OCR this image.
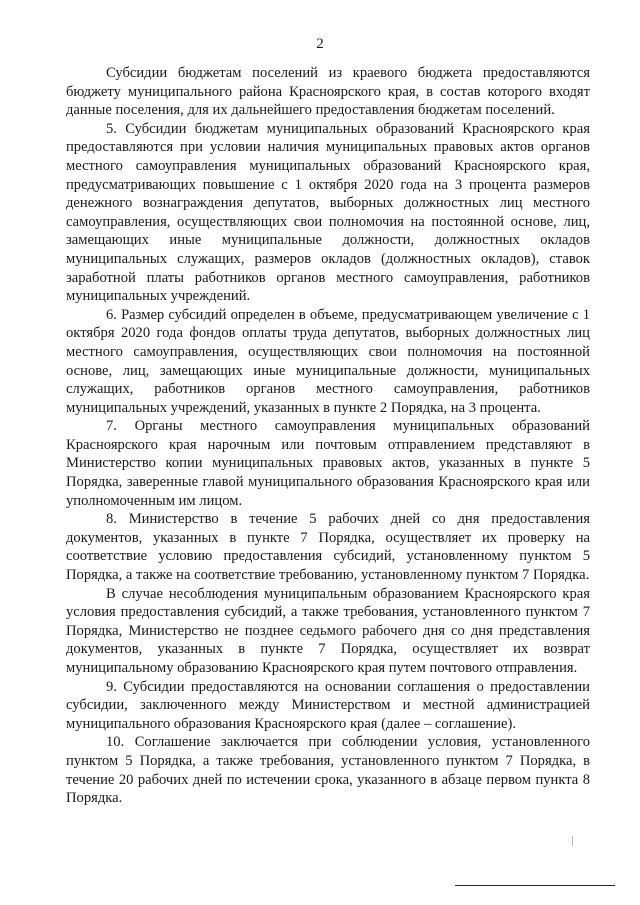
2

Субсидии бюджетам поселений из краевого бюджета предоставляются бюджету муниципального района Красноярского края, в состав которого входят данные поселения, для их дальнейшего предоставления бюджетам поселений.

5. Субсидии бюджетам муниципальных образований Красноярского края предоставляются при условии наличия муниципальных правовых актов органов местного самоуправления муниципальных образований Красноярского края, предусматривающих повышение с 1 октября 2020 года на 3 процента размеров денежного вознаграждения депутатов, выборных должностных лиц местного самоуправления, осуществляющих свои полномочия на постоянной основе, лиц, замещающих иные муниципальные должности, должностных окладов муниципальных служащих, размеров окладов (должностных окладов), ставок заработной платы работников органов местного самоуправления, работников муниципальных учреждений.

6. Размер субсидий определен в объеме, предусматривающем увеличение с 1 октября 2020 года фондов оплаты труда депутатов, выборных должностных лиц местного самоуправления, осуществляющих свои полномочия на постоянной основе, лиц, замещающих иные муниципальные должности, муниципальных служащих, работников органов местного самоуправления, работников муниципальных учреждений, указанных в пункте 2 Порядка, на 3 процента.

7. Органы местного самоуправления муниципальных образований Красноярского края нарочным или почтовым отправлением представляют в Министерство копии муниципальных правовых актов, указанных в пункте 5 Порядка, заверенные главой муниципального образования Красноярского края или уполномоченным им лицом.

8. Министерство в течение 5 рабочих дней со дня предоставления документов, указанных в пункте 7 Порядка, осуществляет их проверку на соответствие условию предоставления субсидий, установленному пунктом 5 Порядка, а также на соответствие требованию, установленному пунктом 7 Порядка.

В случае несоблюдения муниципальным образованием Красноярского края условия предоставления субсидий, а также требования, установленного пунктом 7 Порядка, Министерство не позднее седьмого рабочего дня со дня представления документов, указанных в пункте 7 Порядка, осуществляет их возврат муниципальному образованию Красноярского края путем почтового отправления.

9. Субсидии предоставляются на основании соглашения о предоставлении субсидии, заключенного между Министерством и местной администрацией муниципального образования Красноярского края (далее – соглашение).

10. Соглашение заключается при соблюдении условия, установленного пунктом 5 Порядка, а также требования, установленного пунктом 7 Порядка, в течение 20 рабочих дней по истечении срока, указанного в абзаце первом пункта 8 Порядка.
